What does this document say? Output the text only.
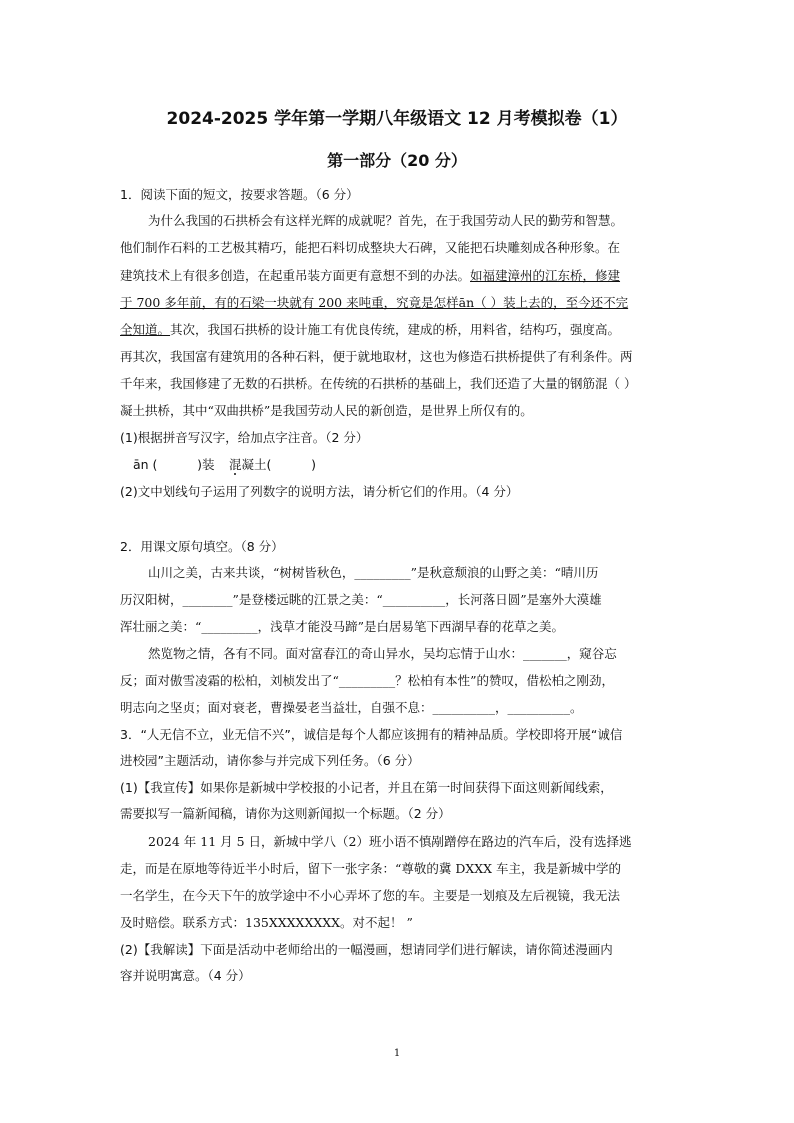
2024-2025 学年第一学期八年级语文 12 月考模拟卷（1）
第一部分（20 分）
1．阅读下面的短文，按要求答题。（6 分）
为什么我国的石拱桥会有这样光辉的成就呢？首先，在于我国劳动人民的勤劳和智慧。
他们制作石料的工艺极其精巧，能把石料切成整块大石碑，又能把石块雕刻成各种形象。在
建筑技术上有很多创造，在起重吊装方面更有意想不到的办法。如福建漳州的江东桥，修建
于 700 多年前，有的石梁一块就有 200 来吨重，究竟是怎样ān（ ）装上去的，至今还不完
全知道。其次，我国石拱桥的设计施工有优良传统，建成的桥，用料省，结构巧，强度高。
再其次，我国富有建筑用的各种石料，便于就地取材，这也为修造石拱桥提供了有利条件。两
千年来，我国修建了无数的石拱桥。在传统的石拱桥的基础上，我们还造了大量的钢筋混（ ）
凝土拱桥，其中“双曲拱桥”是我国劳动人民的新创造，是世界上所仅有的。
(1)根据拼音写汉字，给加点字注音。（2 分）
ān (          )装 混凝土(          )
(2)文中划线句子运用了列数字的说明方法，请分析它们的作用。（4 分）
2．用课文原句填空。（8 分）
山川之美，古来共谈，“树树皆秋色，_________”是秋意颓浪的山野之美：“晴川历
历汉阳树，________”是登楼远眺的江景之美：“__________，长河落日圆”是塞外大漠雄
浑壮丽之美：“_________，浅草才能没马蹄”是白居易笔下西湖早春的花草之美。
然览物之情，各有不同。面对富春江的奇山异水，吴均忘情于山水：_______，窥谷忘
反；面对傲雪凌霜的松柏，刘桢发出了“_________？松柏有本性”的赞叹，借松柏之刚劲，
明志向之坚贞；面对衰老，曹操晏老当益壮，自强不息：__________，__________。
3．“人无信不立，业无信不兴”，诚信是每个人都应该拥有的精神品质。学校即将开展“诚信
进校园”主题活动，请你参与并完成下列任务。（6 分）
(1)【我宣传】如果你是新城中学校报的小记者，并且在第一时间获得下面这则新闻线索，
需要拟写一篇新闻稿，请你为这则新闻拟一个标题。（2 分）
2024 年 11 月 5 日，新城中学八（2）班小语不慎剐蹭停在路边的汽车后，没有选择逃
走，而是在原地等待近半小时后，留下一张字条：“尊敬的冀 DXXX 车主，我是新城中学的
一名学生，在今天下午的放学途中不小心弄坏了您的车。主要是一划痕及左后视镜，我无法
及时赔偿。联系方式：135XXXXXXXX。对不起！ ”
(2)【我解读】下面是活动中老师给出的一幅漫画，想请同学们进行解读，请你简述漫画内
容并说明寓意。（4 分）
1
